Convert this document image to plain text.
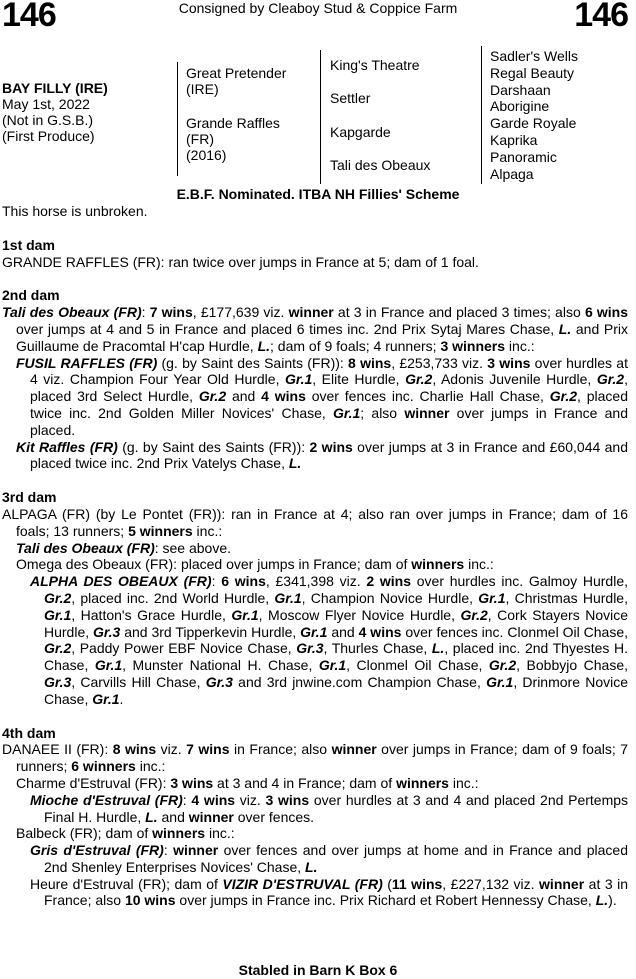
146	Consigned by Cleaboy Stud & Coppice Farm	146
BAY FILLY (IRE)
May 1st, 2022
(Not in G.S.B.)
(First Produce)
Great Pretender
(IRE)
Grande Raffles
(FR)
(2016)
King's Theatre
Settler
Kapgarde
Tali des Obeaux
Sadler's Wells
Regal Beauty
Darshaan
Aborigine
Garde Royale
Kaprika
Panoramic
Alpaga
E.B.F. Nominated. ITBA NH Fillies' Scheme

This horse is unbroken.

1st dam

GRANDE RAFFLES (FR): ran twice over jumps in France at 5; dam of 1 foal.

2nd dam

Tali des Obeaux (FR): 7 wins, £177,639 viz. winner at 3 in France and placed 3 times; also 6 wins over jumps at 4 and 5 in France and placed 6 times inc. 2nd Prix Sytaj Mares Chase, L. and Prix Guillaume de Pracomtal H'cap Hurdle, L.; dam of 9 foals; 4 runners; 3 winners inc.:

FUSIL RAFFLES (FR) (g. by Saint des Saints (FR)): 8 wins, £253,733 viz. 3 wins over hurdles at 4 viz. Champion Four Year Old Hurdle, Gr.1, Elite Hurdle, Gr.2, Adonis Juvenile Hurdle, Gr.2, placed 3rd Select Hurdle, Gr.2 and 4 wins over fences inc. Charlie Hall Chase, Gr.2, placed twice inc. 2nd Golden Miller Novices' Chase, Gr.1; also winner over jumps in France and placed.

Kit Raffles (FR) (g. by Saint des Saints (FR)): 2 wins over jumps at 3 in France and £60,044 and placed twice inc. 2nd Prix Vatelys Chase, L.

3rd dam

ALPAGA (FR) (by Le Pontet (FR)): ran in France at 4; also ran over jumps in France; dam of 16 foals; 13 runners; 5 winners inc.:

Tali des Obeaux (FR): see above.

Omega des Obeaux (FR): placed over jumps in France; dam of winners inc.:

ALPHA DES OBEAUX (FR): 6 wins, £341,398 viz. 2 wins over hurdles inc. Galmoy Hurdle, Gr.2, placed inc. 2nd World Hurdle, Gr.1, Champion Novice Hurdle, Gr.1, Christmas Hurdle, Gr.1, Hatton's Grace Hurdle, Gr.1, Moscow Flyer Novice Hurdle, Gr.2, Cork Stayers Novice Hurdle, Gr.3 and 3rd Tipperkevin Hurdle, Gr.1 and 4 wins over fences inc. Clonmel Oil Chase, Gr.2, Paddy Power EBF Novice Chase, Gr.3, Thurles Chase, L., placed inc. 2nd Thyestes H. Chase, Gr.1, Munster National H. Chase, Gr.1, Clonmel Oil Chase, Gr.2, Bobbyjo Chase, Gr.3, Carvills Hill Chase, Gr.3 and 3rd jnwine.com Champion Chase, Gr.1, Drinmore Novice Chase, Gr.1.

4th dam

DANAEE II (FR): 8 wins viz. 7 wins in France; also winner over jumps in France; dam of 9 foals; 7 runners; 6 winners inc.:

Charme d'Estruval (FR): 3 wins at 3 and 4 in France; dam of winners inc.:

Mioche d'Estruval (FR): 4 wins viz. 3 wins over hurdles at 3 and 4 and placed 2nd Pertemps Final H. Hurdle, L. and winner over fences.

Balbeck (FR); dam of winners inc.:

Gris d'Estruval (FR): winner over fences and over jumps at home and in France and placed 2nd Shenley Enterprises Novices' Chase, L.

Heure d'Estruval (FR); dam of VIZIR D'ESTRUVAL (FR) (11 wins, £227,132 viz. winner at 3 in France; also 10 wins over jumps in France inc. Prix Richard et Robert Hennessy Chase, L.).

Stabled in Barn K Box 6
